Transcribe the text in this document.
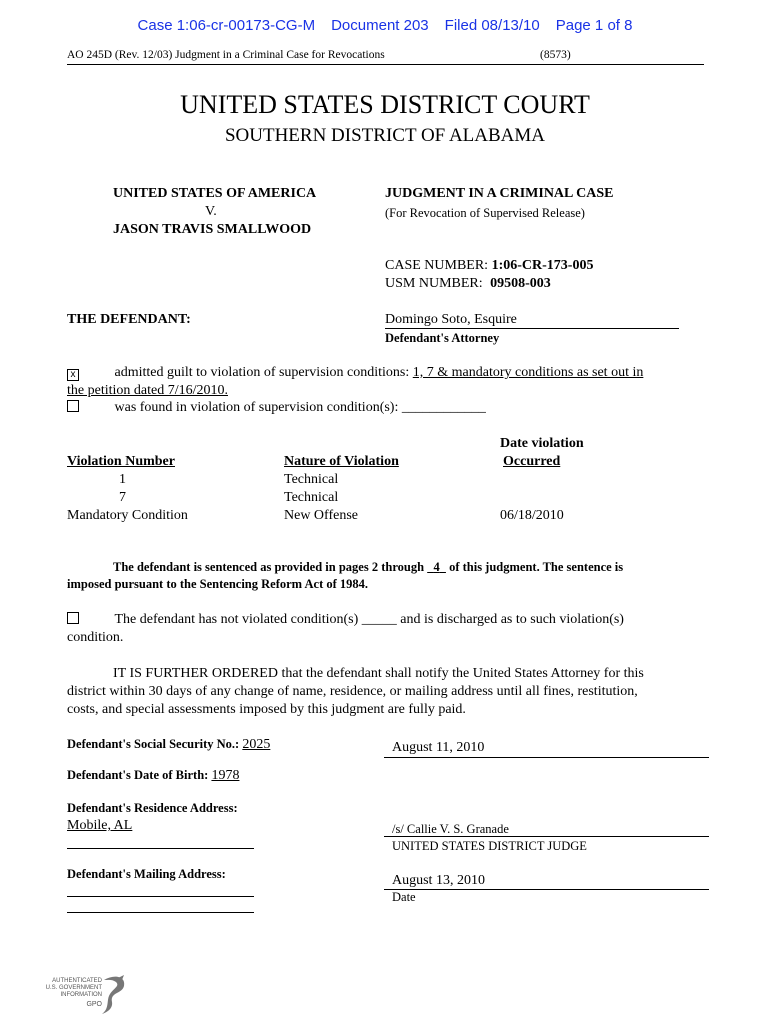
Case 1:06-cr-00173-CG-M Document 203 Filed 08/13/10 Page 1 of 8
AO 245D (Rev. 12/03) Judgment in a Criminal Case for Revocations	(8573)
UNITED STATES DISTRICT COURT
SOUTHERN DISTRICT OF ALABAMA
UNITED STATES OF AMERICA
V.
JASON TRAVIS SMALLWOOD
JUDGMENT IN A CRIMINAL CASE
(For Revocation of Supervised Release)
CASE NUMBER: 1:06-CR-173-005
USM NUMBER: 09508-003
THE DEFENDANT:	Domingo Soto, Esquire
Defendant's Attorney
x	admitted guilt to violation of supervision conditions: 1, 7 & mandatory conditions as set out in
the petition dated 7/16/2010.
was found in violation of supervision condition(s): ____________
Date violation
Violation Number	Nature of Violation	Occurred
1	Technical
7	Technical
Mandatory Condition	New Offense	06/18/2010
The defendant is sentenced as provided in pages 2 through 4 of this judgment. The sentence is
imposed pursuant to the Sentencing Reform Act of 1984.
The defendant has not violated condition(s) _____ and is discharged as to such violation(s)
condition.
IT IS FURTHER ORDERED that the defendant shall notify the United States Attorney for this
district within 30 days of any change of name, residence, or mailing address until all fines, restitution,
costs, and special assessments imposed by this judgment are fully paid.
Defendant's Social Security No.: 2025
Defendant's Date of Birth: 1978
Defendant's Residence Address:
Mobile, AL
Defendant's Mailing Address:
August 11, 2010
/s/ Callie V. S. Granade
UNITED STATES DISTRICT JUDGE
August 13, 2010
Date
AUTHENTICATED
U.S. GOVERNMENT
INFORMATION
GPO
